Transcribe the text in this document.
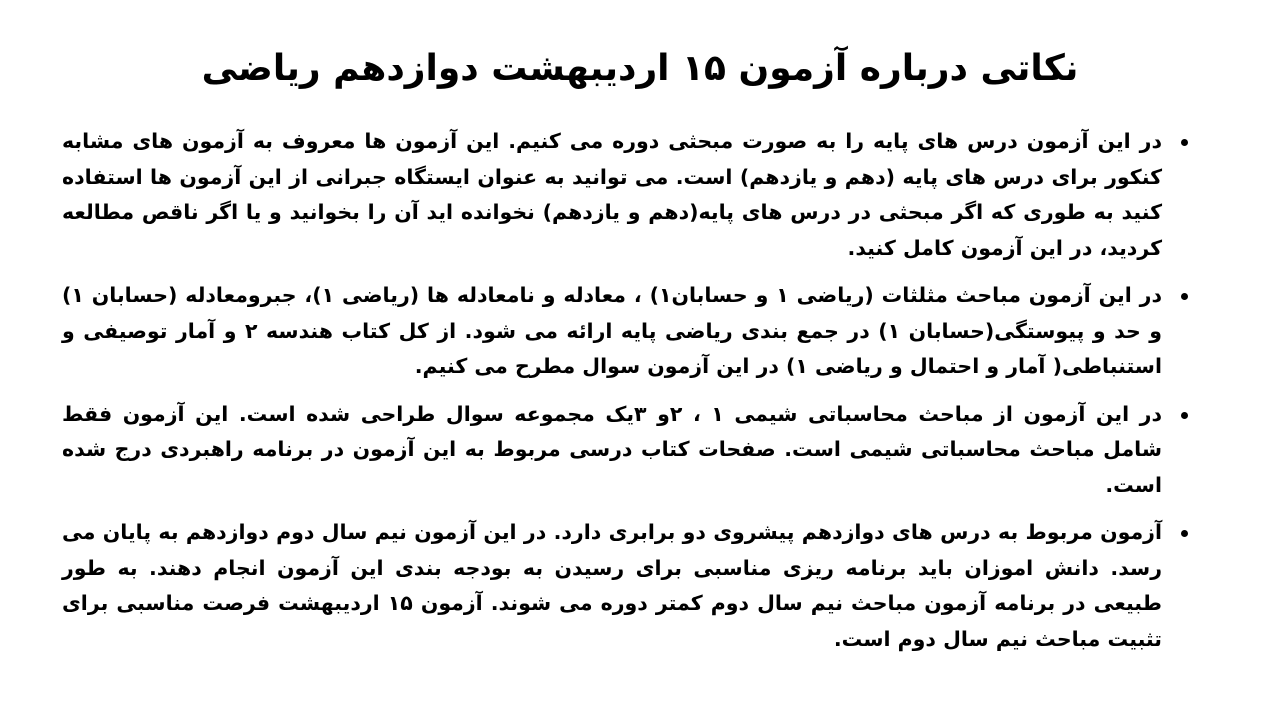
نکاتی درباره آزمون ۱۵ اردیبهشت دوازدهم ریاضی
در این آزمون درس های پایه را به صورت مبحثی دوره می کنیم. این آزمون ها معروف به آزمون های مشابه کنکور برای درس های پایه (دهم و یازدهم) است. می توانید به عنوان ایستگاه جبرانی از این آزمون ها استفاده کنید به طوری که اگر مبحثی در درس های پایه(دهم و یازدهم) نخوانده اید آن را بخوانید و یا اگر ناقص مطالعه کردید، در این آزمون کامل کنید.
در این آزمون مباحث مثلثات (ریاضی ۱ و حسابان۱) ، معادله و نامعادله ها (ریاضی ۱)، جبرومعادله (حسابان ۱) و حد و پیوستگی(حسابان ۱) در جمع بندی ریاضی پایه ارائه می شود. از کل کتاب هندسه ۲ و آمار توصیفی و استنباطی( آمار و احتمال و ریاضی ۱) در این آزمون سوال مطرح می کنیم.
در این آزمون از مباحث محاسباتی شیمی ۱ ، ۲و ۳یک مجموعه سوال طراحی شده است. این آزمون فقط شامل مباحث محاسباتی شیمی است. صفحات کتاب درسی مربوط به این آزمون در برنامه راهبردی درج شده است.
آزمون مربوط به درس های دوازدهم پیشروی دو برابری دارد. در این آزمون نیم سال دوم دوازدهم به پایان می رسد. دانش اموزان باید برنامه ریزی مناسبی برای رسیدن به بودجه بندی این آزمون انجام دهند. به طور طبیعی در برنامه آزمون مباحث نیم سال دوم کمتر دوره می شوند. آزمون ۱۵ اردیبهشت فرصت مناسبی برای تثبیت مباحث نیم سال دوم است.
